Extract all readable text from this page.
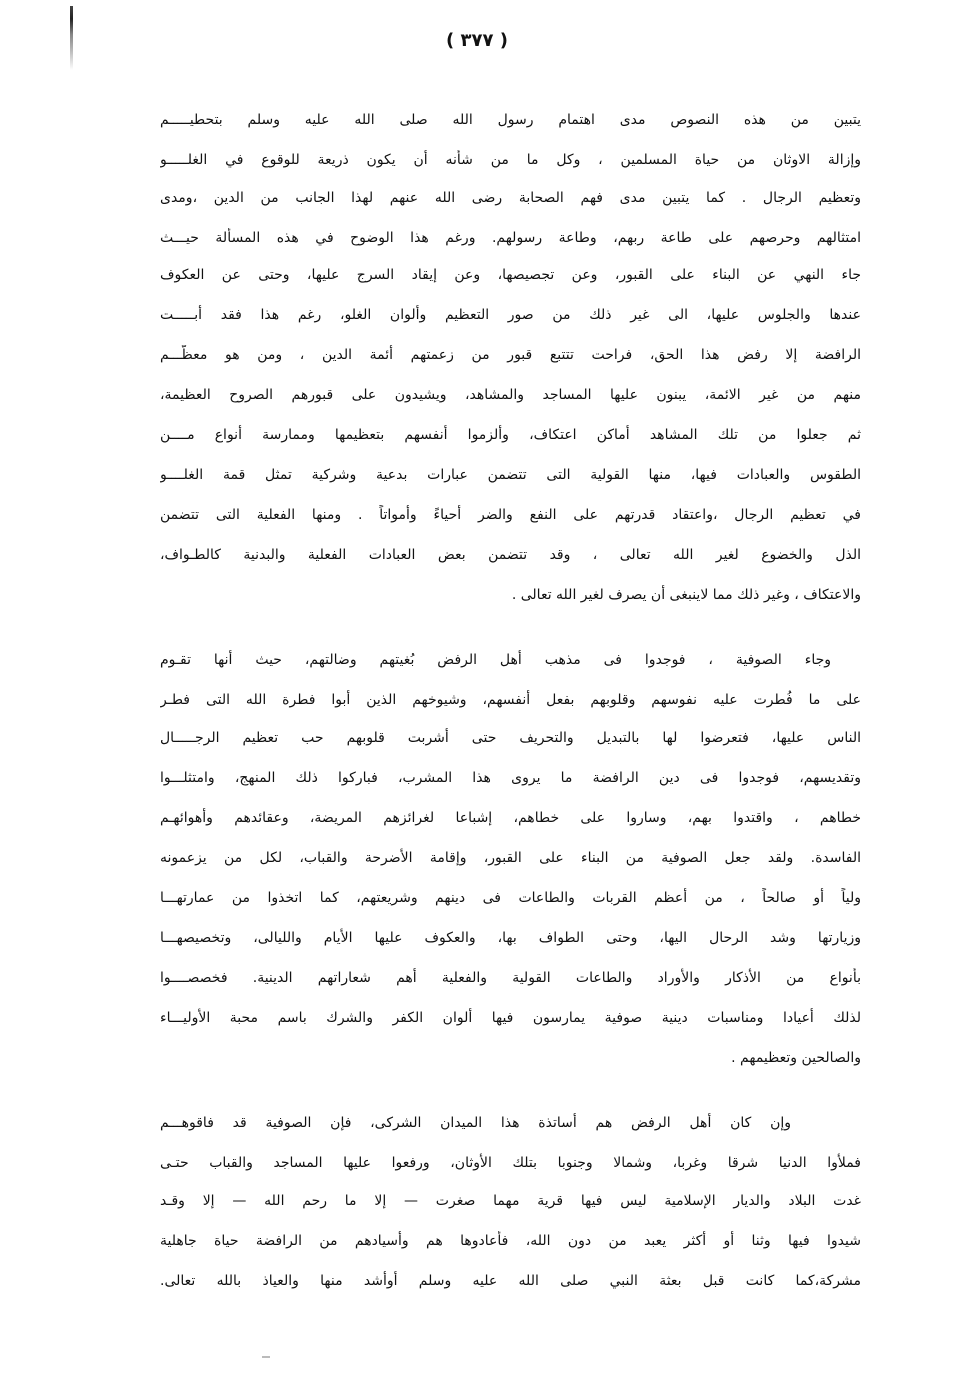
( ٣٧٧ )
يتبين من هذه النصوص مدى اهتمام رسول الله صلى الله عليه وسلم بتحطيـــــم
وإزالة الاوثان من حياة المسلمين ، وكل ما من شأنه أن يكون ذريعة للوقوع في الغلـــــو
وتعظيم الرجال . كما يتبين مدى فهم الصحابة رضى الله عنهم لهذا الجانب من الدين ،ومدى
امتثالهم وحرصهم على طاعة ربهم، وطاعة رسولهم. ورغم هذا الوضوح في هذه المسألة حيـــث
جاء النهي عن البناء على القبور، وعن تجصيصها، وعن إيقاد السرج عليها، وحتى عن العكوف
عندها والجلوس عليها، الى غير ذلك من صور التعظيم وألوان الغلو، رغم هذا فقد أبـــــت
الرافضة إلا رفض هذا الحق، فراحت تتتبع قبور من زعمتهم أئمة الدين ، ومن هو معظّـــم
منهم من غير الائمة، يبنون عليها المساجد والمشاهد، ويشيدون على قبورهم الصروح العظيمة،
ثم جعلوا من تلك المشاهد أماكن اعتكاف، وألزموا أنفسهم بتعظيمها وممارسة أنواع مــــن
الطقوس والعبادات فيها، منها القولية التى تتضمن عبارات بدعية وشركية تمثل قمة الغلــــو
في تعظيم الرجال ،واعتقاد قدرتهم على النفع والضر أحياءً وأمواتاً . ومنها الفعلية التى تتضمن
الذل والخضوع لغير الله تعالى ، وقد تتضمن بعض العبادات الفعلية والبدنية كالطـواف،
والاعتكاف ، وغير ذلك مما لاينبغى أن يصرف لغير الله تعالى .
وجاء الصوفية ، فوجدوا فى مذهب أهل الرفض بُغيتهم وضالتهم، حيث أنها تقـوم
على ما فُطرت عليه نفوسهم وقلوبهم بفعل أنفسهم، وشيوخهم الذين أبوا فطرة الله التى فطـر
الناس عليها، فتعرضوا لها بالتبديل والتحريف حتى أشربت قلوبهم حب تعظيم الرجـــــال
وتقديسهم، فوجدوا فى دين الرافضة ما يروى هذا المشرب، فباركوا ذلك المنهج، وامتثلـــوا
خطاهم ، واقتدوا بهم، وساروا على خطاهم، إشباعا لغرائزهم المريضة، وعقائدهم وأهوائهـم
الفاسدة. ولقد جعل الصوفية من البناء على القبور، وإقامة الأضرحة والقباب، لكل من يزعمونه
ولياً أو صالحاً ، من أعظم القربات والطاعات فى دينهم وشريعتهم، كما اتخذوا من عمارتهـــا
وزيارتها وشد الرحال اليها، وحتى الطواف بها، والعكوف عليها الأيام والليالى، وتخصيصهـــا
بأنواع من الأذكار والأوراد والطاعات القولية والفعلية أهم شعاراتهم الدينية. فخصصــــوا
لذلك أعيادا ومناسبات دينية صوفية يمارسون فيها ألوان الكفر والشرك باسم محبة الأوليـــاء
والصالحين وتعظيمهم .
وإن كان أهل الرفض هم أساتذة هذا الميدان الشركى، فإن الصوفية قد فاقوهـــم
فملأوا الدنيا شرقا وغربا، وشمالا وجنوبا بتلك الأوثان، ورفعوا عليها المساجد والقباب حتـى
غدت البلاد والديار الإسلامية ليس فيها قرية مهما صغرت — إلا ما رحم الله — إلا وقـد
شيدوا فيها وثنا أو أكثر يعبد من دون الله، فأعادوها هم وأسيادهم من الرافضة حياة جاهلية
مشركة،كما كانت قبل بعثة النبي صلى الله عليه وسلم أوأشد منها والعياذ بالله تعالى.
